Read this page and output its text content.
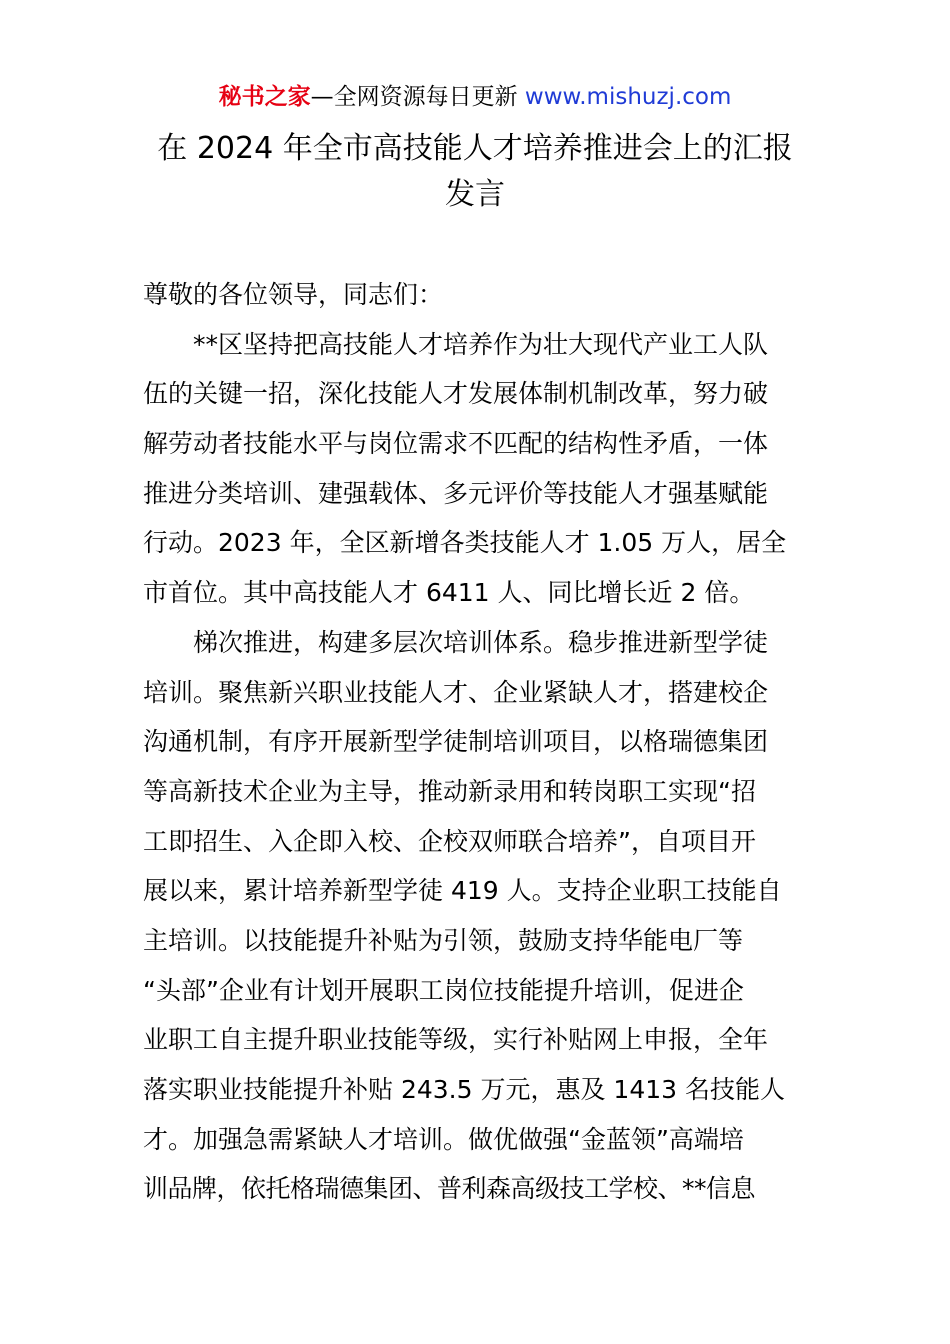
秘书之家—全网资源每日更新 www.mishuzj.com
在 2024 年全市高技能人才培养推进会上的汇报
发言
尊敬的各位领导，同志们：
**区坚持把高技能人才培养作为壮大现代产业工人队
伍的关键一招，深化技能人才发展体制机制改革，努力破
解劳动者技能水平与岗位需求不匹配的结构性矛盾，一体
推进分类培训、建强载体、多元评价等技能人才强基赋能
行动。2023 年，全区新增各类技能人才 1.05 万人，居全
市首位。其中高技能人才 6411 人、同比增长近 2 倍。
梯次推进，构建多层次培训体系。稳步推进新型学徒
培训。聚焦新兴职业技能人才、企业紧缺人才，搭建校企
沟通机制，有序开展新型学徒制培训项目，以格瑞德集团
等高新技术企业为主导，推动新录用和转岗职工实现“招
工即招生、入企即入校、企校双师联合培养”，自项目开
展以来，累计培养新型学徒 419 人。支持企业职工技能自
主培训。以技能提升补贴为引领，鼓励支持华能电厂等
“头部”企业有计划开展职工岗位技能提升培训，促进企
业职工自主提升职业技能等级，实行补贴网上申报，全年
落实职业技能提升补贴 243.5 万元，惠及 1413 名技能人
才。加强急需紧缺人才培训。做优做强“金蓝领”高端培
训品牌，依托格瑞德集团、普利森高级技工学校、**信息
